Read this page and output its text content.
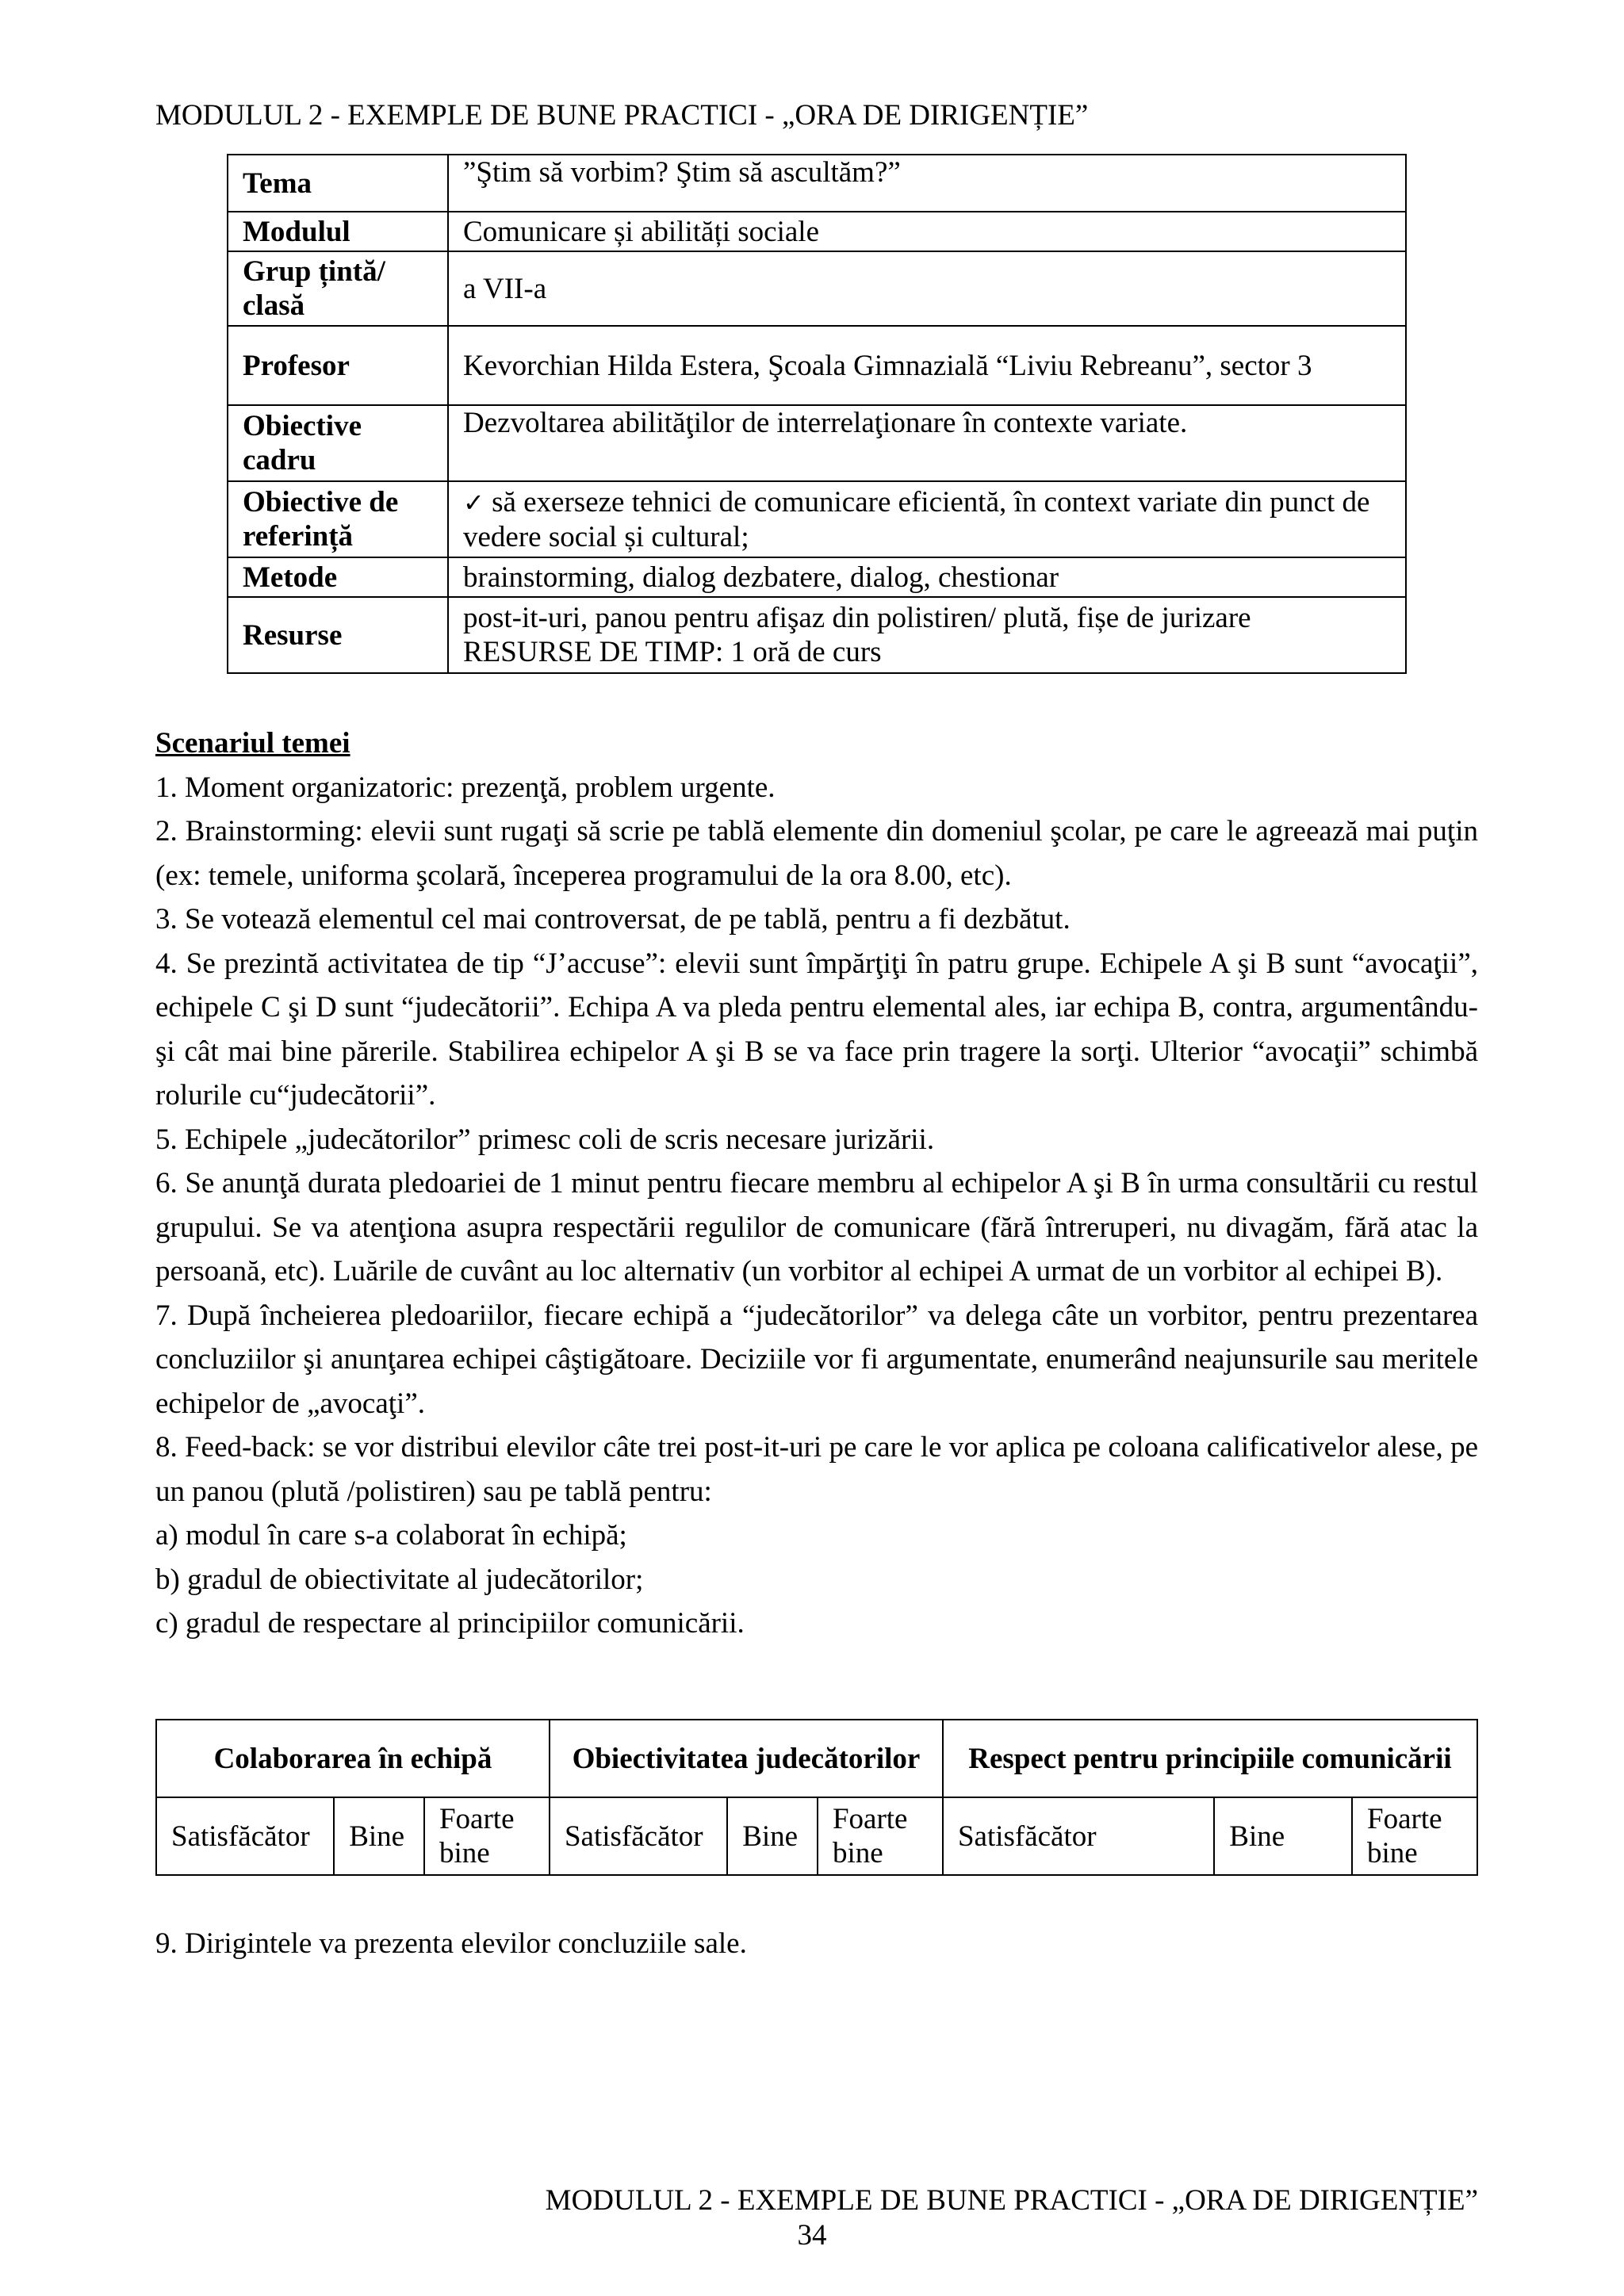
MODULUL 2 - EXEMPLE DE BUNE PRACTICI - „ORA DE DIRIGENȚIE”
Tema	”Ştim să vorbim? Ştim să ascultăm?”
Modulul	Comunicare și abilități sociale
Grup țintă/ clasă	a VII-a
Profesor	Kevorchian Hilda Estera, Şcoala Gimnazială “Liviu Rebreanu”, sector 3
Obiective cadru	Dezvoltarea abilităţilor de interrelaţionare în contexte variate.
Obiective de referință	✓ să exerseze tehnici de comunicare eficientă, în context variate din punct de vedere social și cultural;
Metode	brainstorming, dialog dezbatere, dialog, chestionar
Resurse	post-it-uri, panou pentru afişaz din polistiren/ plută, fișe de jurizare
RESURSE DE TIMP: 1 oră de curs
Scenariul temei

1. Moment organizatoric: prezenţă, problem urgente.

2. Brainstorming: elevii sunt rugaţi să scrie pe tablă elemente din domeniul şcolar, pe care le agreează mai puţin (ex: temele, uniforma şcolară, începerea programului de la ora 8.00, etc).

3. Se votează elementul cel mai controversat, de pe tablă, pentru a fi dezbătut.

4. Se prezintă activitatea de tip “J’accuse”: elevii sunt împărţiţi în patru grupe. Echipele A şi B sunt “avocaţii”, echipele C şi D sunt “judecătorii”. Echipa A va pleda pentru elemental ales, iar echipa B, contra, argumentându-şi cât mai bine părerile. Stabilirea echipelor A şi B se va face prin tragere la sorţi. Ulterior “avocaţii” schimbă rolurile cu“judecătorii”.

5. Echipele „judecătorilor” primesc coli de scris necesare jurizării.

6. Se anunţă durata pledoariei de 1 minut pentru fiecare membru al echipelor A şi B în urma consultării cu restul grupului. Se va atenţiona asupra respectării regulilor de comunicare (fără întreruperi, nu divagăm, fără atac la persoană, etc). Luările de cuvânt au loc alternativ (un vorbitor al echipei A urmat de un vorbitor al echipei B).

7. După încheierea pledoariilor, fiecare echipă a “judecătorilor” va delega câte un vorbitor, pentru prezentarea concluziilor şi anunţarea echipei câştigătoare. Deciziile vor fi argumentate, enumerând neajunsurile sau meritele echipelor de „avocaţi”.

8. Feed-back: se vor distribui elevilor câte trei post-it-uri pe care le vor aplica pe coloana calificativelor alese, pe un panou (plută /polistiren) sau pe tablă pentru:

a) modul în care s-a colaborat în echipă;

b) gradul de obiectivitate al judecătorilor;

c) gradul de respectare al principiilor comunicării.

Colaborarea în echipă			Obiectivitatea judecătorilor			Respect pentru principiile comunicării		
Satisfăcător	Bine	Foarte bine	Satisfăcător	Bine	Foarte bine	Satisfăcător	Bine	Foarte bine
9. Dirigintele va prezenta elevilor concluziile sale.
MODULUL 2 - EXEMPLE DE BUNE PRACTICI - „ORA DE DIRIGENȚIE”
34
